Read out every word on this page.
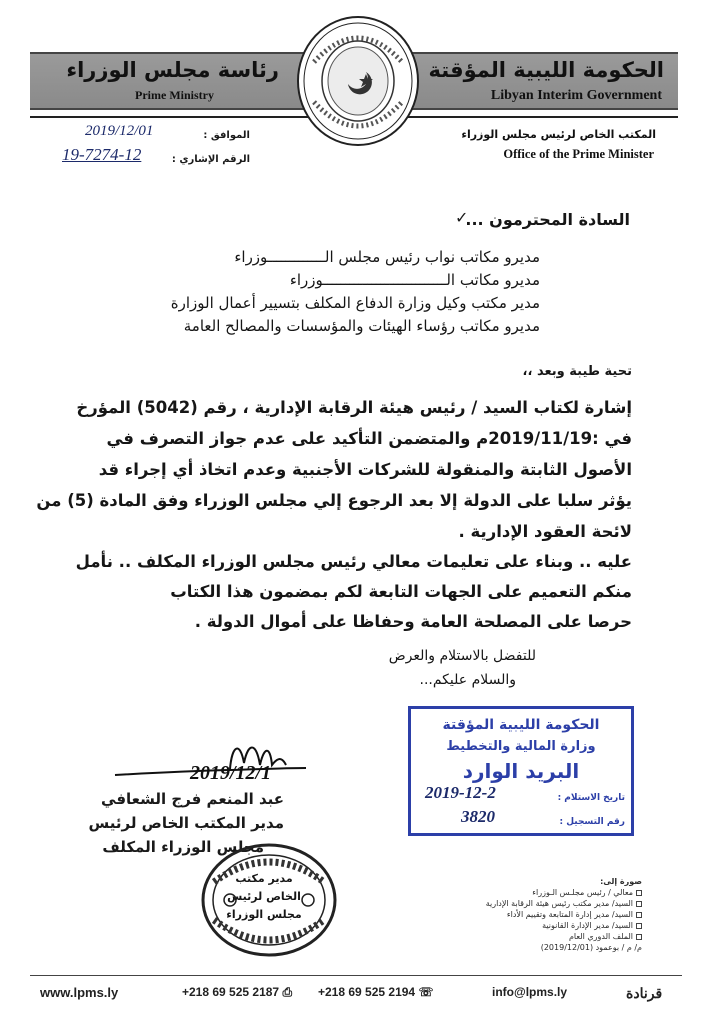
الحكومة الليبية المؤقتة
Libyan Interim Government
رئاسة مجلس الوزراء
Prime Ministry
المكتب الخاص لرئيس مجلس الوزراء
Office of the Prime Minister
الموافق :
2019/12/01
الرقم الإشاري :
19-7274-12
السادة المحترمون ...
✓
مديرو مكاتب نواب رئيس مجلس الـــــــــــــوزراء
مديرو مكاتب الــــــــــــــــــــــــــــوزراء
مدير مكتب وكيل وزارة الدفاع المكلف بتسيير أعمال الوزارة
مديرو مكاتب رؤساء الهيئات والمؤسسات والمصالح العامة
تحية طيبة وبعد ،،
إشارة لكتاب السيد / رئيس هيئة الرقابة الإدارية ، رقم (5042) المؤرخ
في :2019/11/19م والمتضمن التأكيد على عدم جواز التصرف في
الأصول الثابتة والمنقولة للشركات الأجنبية وعدم اتخاذ أي إجراء قد
يؤثر سلبا على الدولة إلا بعد الرجوع إلي مجلس الوزراء وفق المادة (5) من
لائحة العقود الإدارية .
عليه .. وبناء على تعليمات معالي رئيس مجلس الوزراء المكلف .. نأمل
منكم التعميم على الجهات التابعة لكم بمضمون هذا الكتاب
حرصا على المصلحة العامة وحفاظا على أموال الدولة .
للتفضل بالاستلام والعرض
والسلام عليكم...
2019/12/1
عبد المنعم فرج الشعافي
مدير المكتب الخاص لرئيس
مجلس الوزراء المكلف
مدير مكتب
الخاص لرئيس
مجلس الوزراء
الحكومة الليبية المؤقتة
وزارة المالية والتخطيط
البريد الوارد
تاريخ الاستلام :
2019-12-2
رقم التسجيل :
3820
صورة إلى:
معالي / رئيس مجلـس الـوزراء
السيد/ مدير مكتب رئيس هيئة الرقابة الإدارية
السيد/ مدير إدارة المتابعة وتقييم الأداء
السيد/ مدير الإدارة القانونية
الملف الدوري العام
م/ م / بوعمود (2019/12/01)
www.lpms.ly	+218 69 525 2187 ⎙ +218 69 525 2194 ☏	info@lpms.ly	قرنادة
